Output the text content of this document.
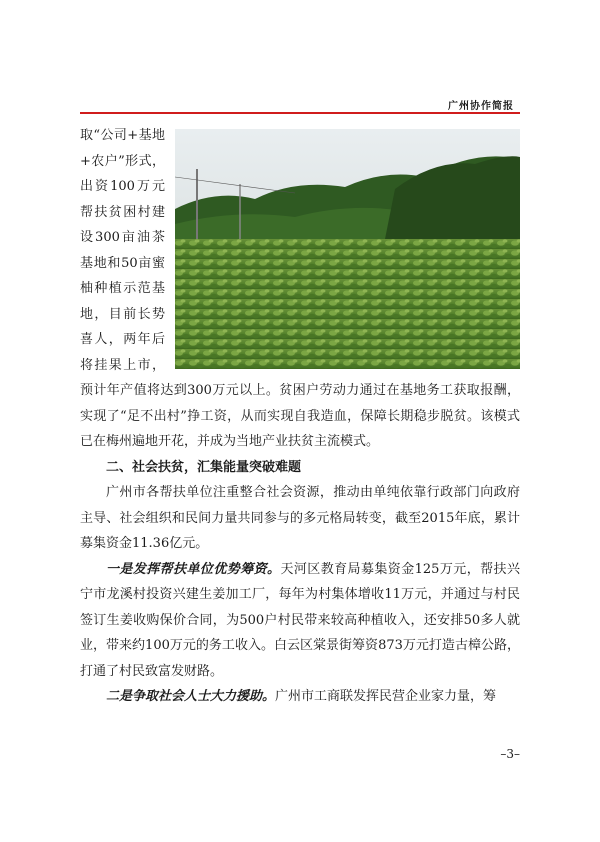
广州协作简报

取“公司+基地+农户”形式，出资100万元帮扶贫困村建设300亩油茶基地和50亩蜜柚种植示范基地，目前长势喜人，两年后将挂果上市，预计年产值将达到300万元以上。贫困户劳动力通过在基地务工获取报酬，实现了“足不出村”挣工资，从而实现自我造血，保障长期稳步脱贫。该模式已在梅州遍地开花，并成为当地产业扶贫主流模式。

二、社会扶贫，汇集能量突破难题

广州市各帮扶单位注重整合社会资源，推动由单纯依靠行政部门向政府主导、社会组织和民间力量共同参与的多元格局转变，截至2015年底，累计募集资金11.36亿元。

一是发挥帮扶单位优势筹资。天河区教育局募集资金125万元，帮扶兴宁市龙溪村投资兴建生姜加工厂，每年为村集体增收11万元，并通过与村民签订生姜收购保价合同，为500户村民带来较高种植收入，还安排50多人就业，带来约100万元的务工收入。白云区棠景街筹资873万元打造古樟公路，打通了村民致富发财路。

二是争取社会人士大力援助。广州市工商联发挥民营企业家力量，筹

–3–
